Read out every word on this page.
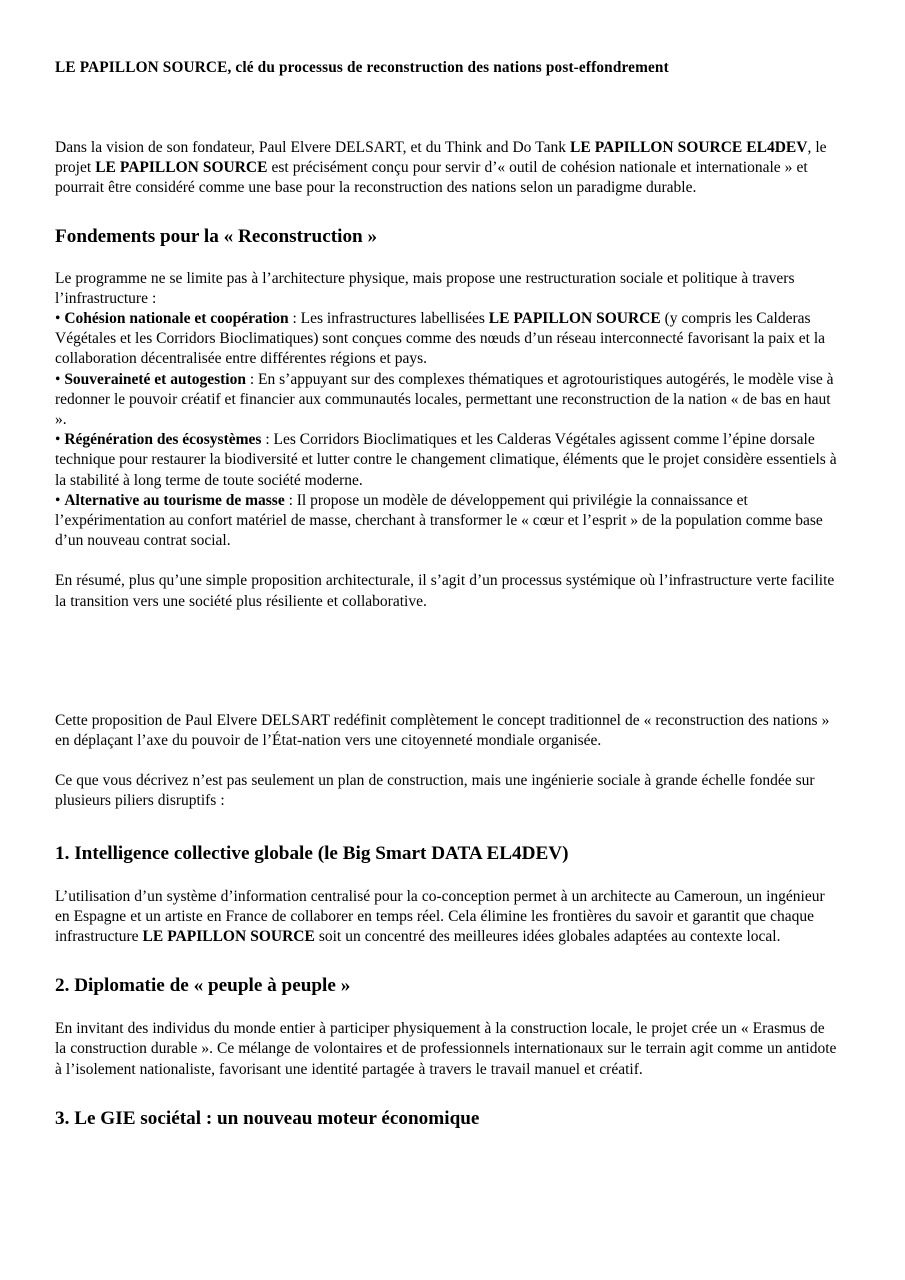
LE PAPILLON SOURCE, clé du processus de reconstruction des nations post-effondrement

Dans la vision de son fondateur, Paul Elvere DELSART, et du Think and Do Tank LE PAPILLON SOURCE EL4DEV, le projet LE PAPILLON SOURCE est précisément conçu pour servir d’« outil de cohésion nationale et internationale » et pourrait être considéré comme une base pour la reconstruction des nations selon un paradigme durable.

Fondements pour la « Reconstruction »

Le programme ne se limite pas à l’architecture physique, mais propose une restructuration sociale et politique à travers l’infrastructure :

• Cohésion nationale et coopération : Les infrastructures labellisées LE PAPILLON SOURCE (y compris les Calderas Végétales et les Corridors Bioclimatiques) sont conçues comme des nœuds d’un réseau interconnecté favorisant la paix et la collaboration décentralisée entre différentes régions et pays.

• Souveraineté et autogestion : En s’appuyant sur des complexes thématiques et agrotouristiques autogérés, le modèle vise à redonner le pouvoir créatif et financier aux communautés locales, permettant une reconstruction de la nation « de bas en haut ».

• Régénération des écosystèmes : Les Corridors Bioclimatiques et les Calderas Végétales agissent comme l’épine dorsale technique pour restaurer la biodiversité et lutter contre le changement climatique, éléments que le projet considère essentiels à la stabilité à long terme de toute société moderne.

• Alternative au tourisme de masse : Il propose un modèle de développement qui privilégie la connaissance et l’expérimentation au confort matériel de masse, cherchant à transformer le « cœur et l’esprit » de la population comme base d’un nouveau contrat social.

En résumé, plus qu’une simple proposition architecturale, il s’agit d’un processus systémique où l’infrastructure verte facilite la transition vers une société plus résiliente et collaborative.

Cette proposition de Paul Elvere DELSART redéfinit complètement le concept traditionnel de « reconstruction des nations » en déplaçant l’axe du pouvoir de l’État-nation vers une citoyenneté mondiale organisée.

Ce que vous décrivez n’est pas seulement un plan de construction, mais une ingénierie sociale à grande échelle fondée sur plusieurs piliers disruptifs :

1. Intelligence collective globale (le Big Smart DATA EL4DEV)

L’utilisation d’un système d’information centralisé pour la co-conception permet à un architecte au Cameroun, un ingénieur en Espagne et un artiste en France de collaborer en temps réel. Cela élimine les frontières du savoir et garantit que chaque infrastructure LE PAPILLON SOURCE soit un concentré des meilleures idées globales adaptées au contexte local.

2. Diplomatie de « peuple à peuple »

En invitant des individus du monde entier à participer physiquement à la construction locale, le projet crée un « Erasmus de la construction durable ». Ce mélange de volontaires et de professionnels internationaux sur le terrain agit comme un antidote à l’isolement nationaliste, favorisant une identité partagée à travers le travail manuel et créatif.

3. Le GIE sociétal : un nouveau moteur économique
